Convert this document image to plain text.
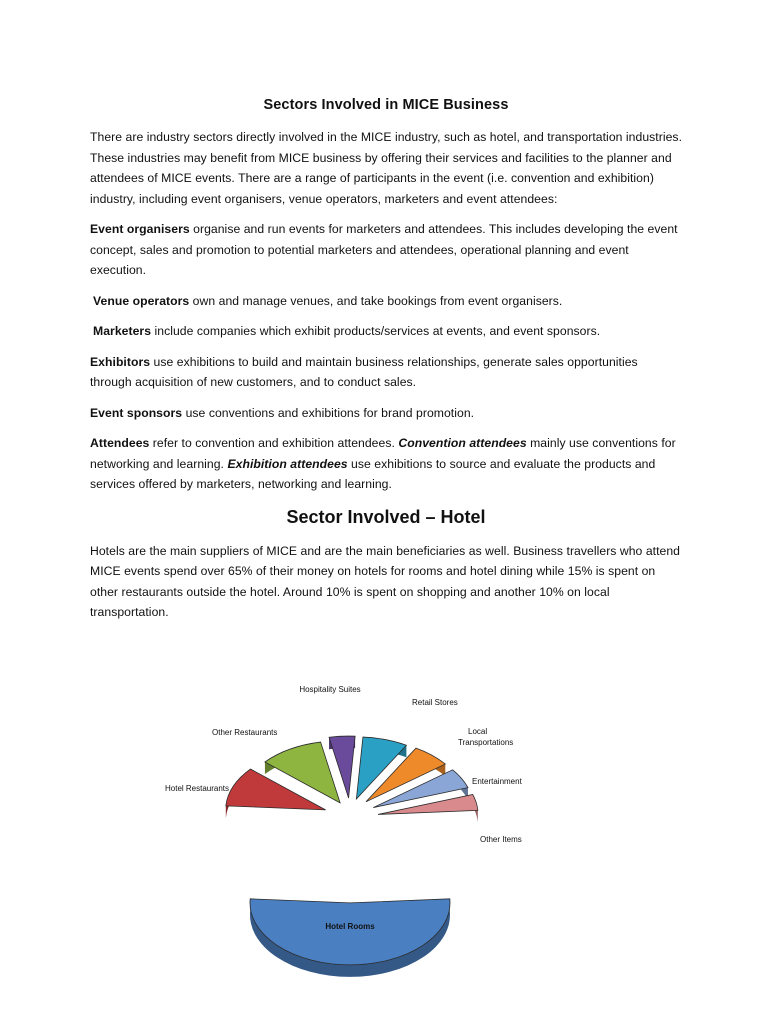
Sectors Involved in MICE Business

There are industry sectors directly involved in the MICE industry, such as hotel, and transportation industries. These industries may benefit from MICE business by offering their services and facilities to the planner and attendees of MICE events. There are a range of participants in the event (i.e. convention and exhibition) industry, including event organisers, venue operators, marketers and event attendees:

Event organisers organise and run events for marketers and attendees. This includes developing the event concept, sales and promotion to potential marketers and attendees, operational planning and event execution.

Venue operators own and manage venues, and take bookings from event organisers.

Marketers include companies which exhibit products/services at events, and event sponsors.

Exhibitors use exhibitions to build and maintain business relationships, generate sales opportunities through acquisition of new customers, and to conduct sales.

Event sponsors use conventions and exhibitions for brand promotion.

Attendees refer to convention and exhibition attendees. Convention attendees mainly use conventions for networking and learning. Exhibition attendees use exhibitions to source and evaluate the products and services offered by marketers, networking and learning.

Sector Involved – Hotel

Hotels are the main suppliers of MICE and are the main beneficiaries as well. Business travellers who attend MICE events spend over 65% of their money on hotels for rooms and hotel dining while 15% is spent on other restaurants outside the hotel. Around 10% is spent on shopping and another 10% on local transportation.

Hotel Rooms
Hotel Restaurants
Other Restaurants
Hospitality Suites
Retail Stores
Local Transportations
Entertainment
Other Items
